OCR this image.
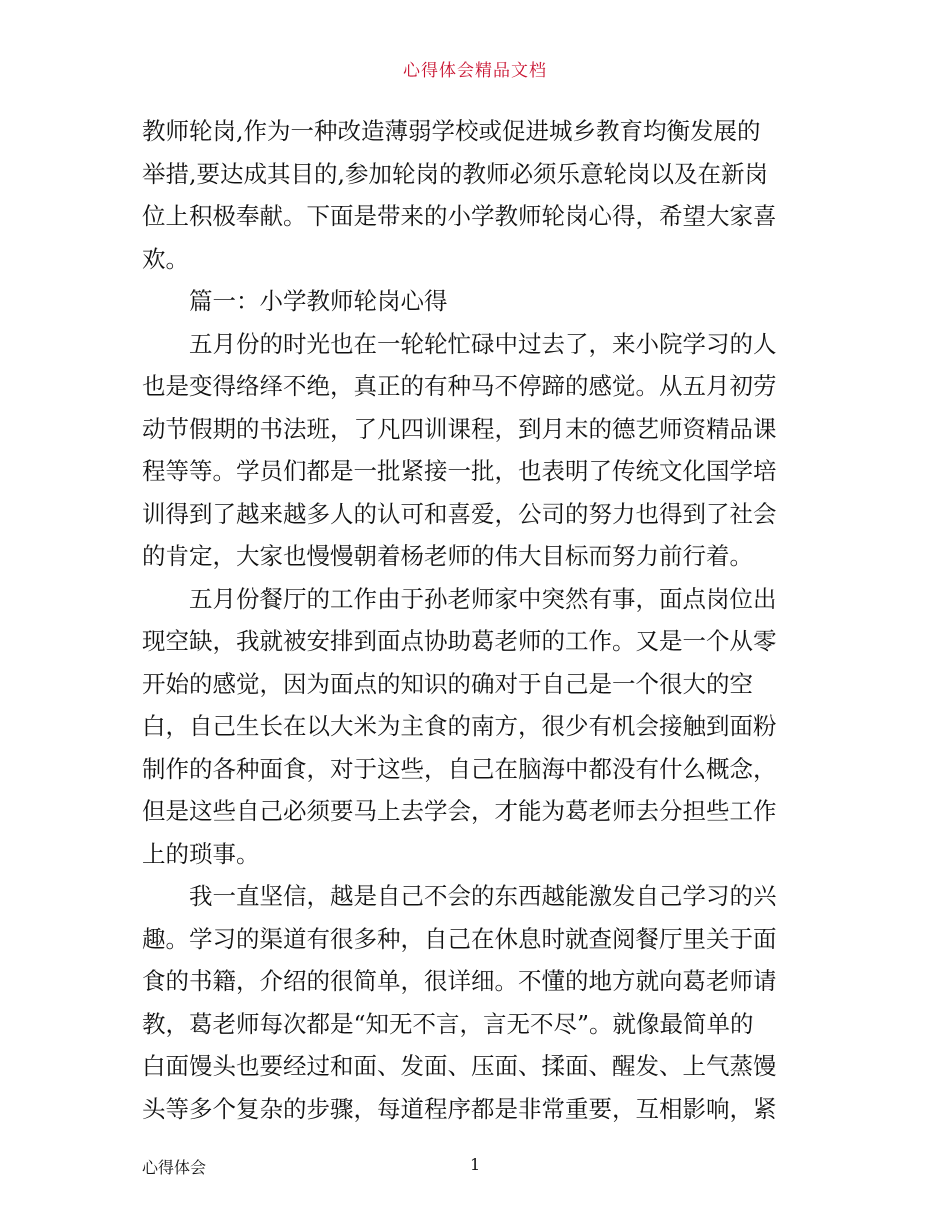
心得体会精品文档
教师轮岗,作为一种改造薄弱学校或促进城乡教育均衡发展的
举措,要达成其目的,参加轮岗的教师必须乐意轮岗以及在新岗
位上积极奉献。下面是带来的小学教师轮岗心得，希望大家喜
欢。
　　篇一：小学教师轮岗心得
　　五月份的时光也在一轮轮忙碌中过去了，来小院学习的人
也是变得络绎不绝，真正的有种马不停蹄的感觉。从五月初劳
动节假期的书法班，了凡四训课程，到月末的德艺师资精品课
程等等。学员们都是一批紧接一批，也表明了传统文化国学培
训得到了越来越多人的认可和喜爱，公司的努力也得到了社会
的肯定，大家也慢慢朝着杨老师的伟大目标而努力前行着。
　　五月份餐厅的工作由于孙老师家中突然有事，面点岗位出
现空缺，我就被安排到面点协助葛老师的工作。又是一个从零
开始的感觉，因为面点的知识的确对于自己是一个很大的空
白，自己生长在以大米为主食的南方，很少有机会接触到面粉
制作的各种面食，对于这些，自己在脑海中都没有什么概念，
但是这些自己必须要马上去学会，才能为葛老师去分担些工作
上的琐事。
　　我一直坚信，越是自己不会的东西越能激发自己学习的兴
趣。学习的渠道有很多种，自己在休息时就查阅餐厅里关于面
食的书籍，介绍的很简单，很详细。不懂的地方就向葛老师请
教，葛老师每次都是“知无不言，言无不尽”。就像最简单的
白面馒头也要经过和面、发面、压面、揉面、醒发、上气蒸馒
头等多个复杂的步骤，每道程序都是非常重要，互相影响，紧
心得体会	1
